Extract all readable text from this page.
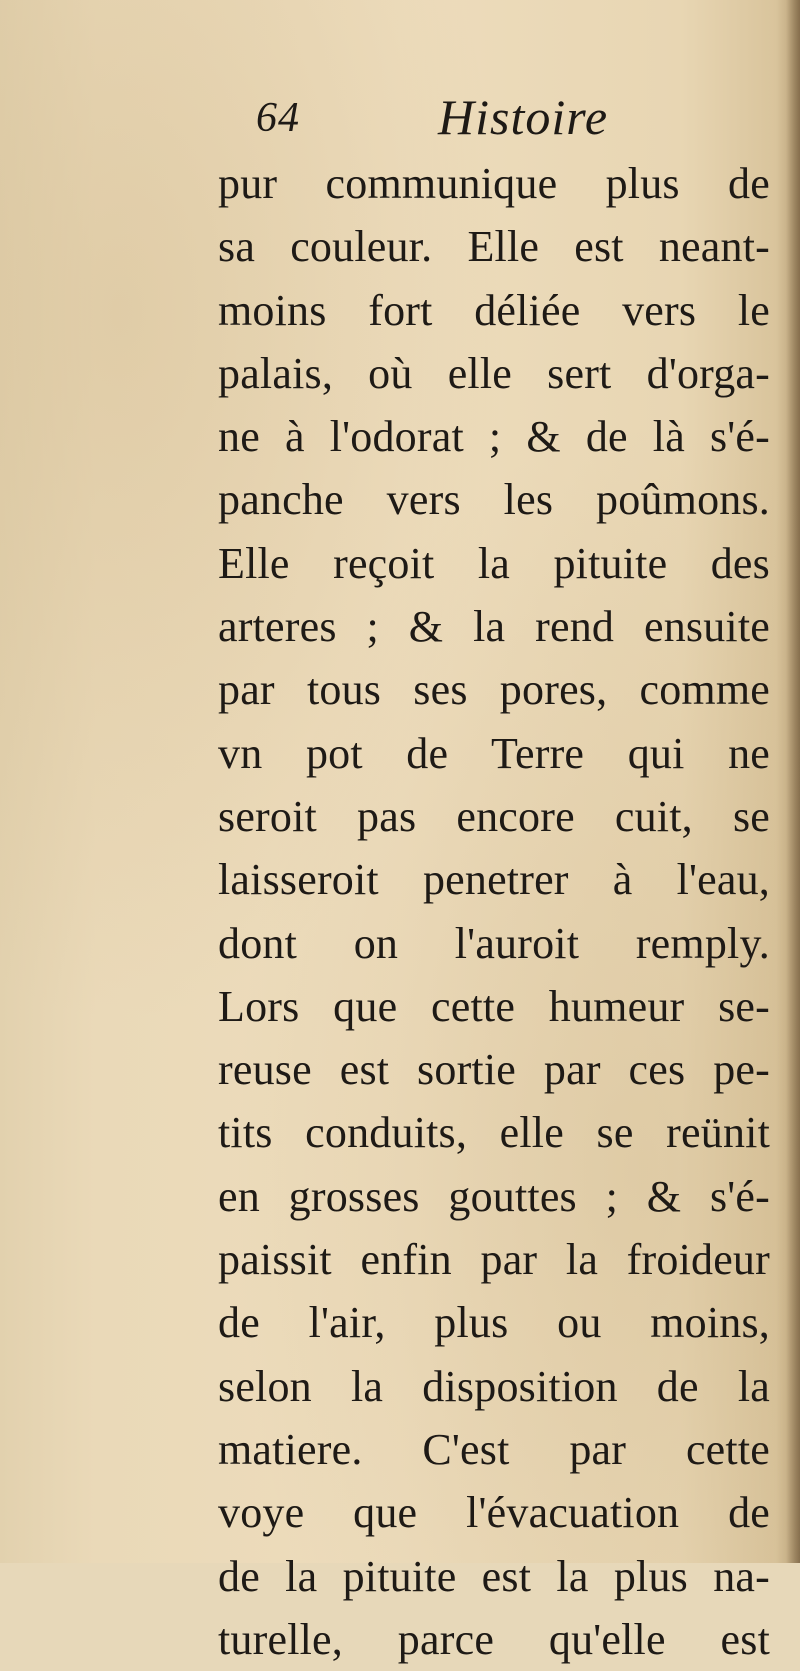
64	Histoire
pur communique plus de
sa couleur. Elle est neant-
moins fort déliée vers le
palais, où elle sert d'orga-
ne à l'odorat ; & de là s'é-
panche vers les poûmons.
Elle reçoit la pituite des
arteres ; & la rend ensuite
par tous ses pores, comme
vn pot de Terre qui ne
seroit pas encore cuit, se
laisseroit penetrer à l'eau,
dont on l'auroit remply.
Lors que cette humeur se-
reuse est sortie par ces pe-
tits conduits, elle se reünit
en grosses gouttes ; & s'é-
paissit enfin par la froideur
de l'air, plus ou moins,
selon la disposition de la
matiere. C'est par cette
voye que l'évacuation de
de la pituite est la plus na-
turelle, parce qu'elle est
